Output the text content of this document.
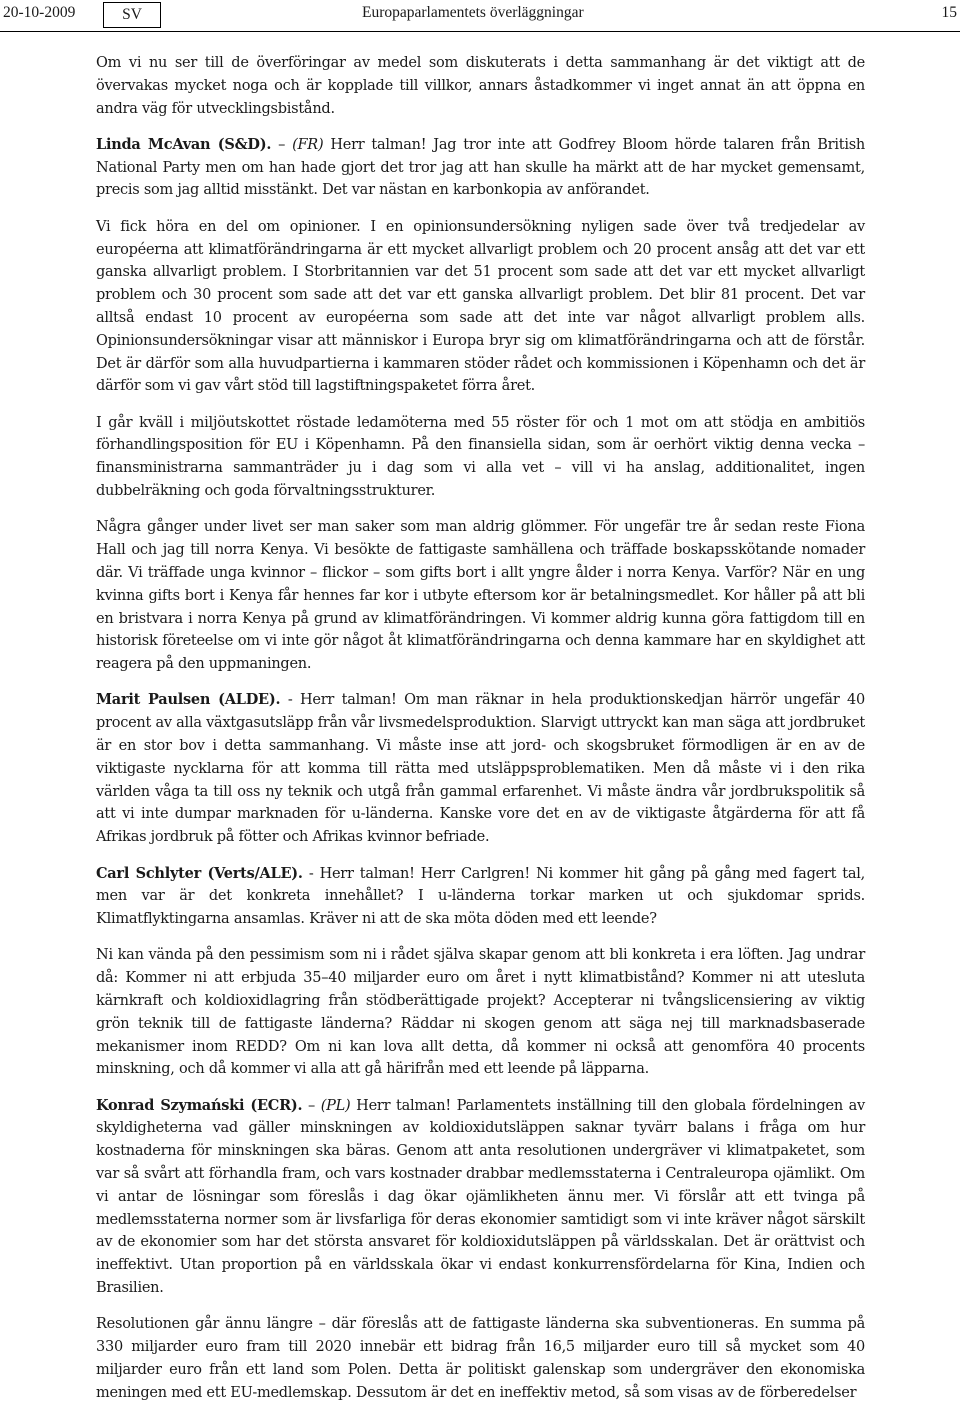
20-10-2009	SV	Europaparlamentets överläggningar	15

Om vi nu ser till de överföringar av medel som diskuterats i detta sammanhang är det viktigt att de övervakas mycket noga och är kopplade till villkor, annars åstadkommer vi inget annat än att öppna en andra väg för utvecklingsbistånd.

Linda McAvan (S&D). – (FR) Herr talman! Jag tror inte att Godfrey Bloom hörde talaren från British National Party men om han hade gjort det tror jag att han skulle ha märkt att de har mycket gemensamt, precis som jag alltid misstänkt. Det var nästan en karbonkopia av anförandet.

Vi fick höra en del om opinioner. I en opinionsundersökning nyligen sade över två tredjedelar av européerna att klimatförändringarna är ett mycket allvarligt problem och 20 procent ansåg att det var ett ganska allvarligt problem. I Storbritannien var det 51 procent som sade att det var ett mycket allvarligt problem och 30 procent som sade att det var ett ganska allvarligt problem. Det blir 81 procent. Det var alltså endast 10 procent av européerna som sade att det inte var något allvarligt problem alls. Opinionsundersökningar visar att människor i Europa bryr sig om klimatförändringarna och att de förstår. Det är därför som alla huvudpartierna i kammaren stöder rådet och kommissionen i Köpenhamn och det är därför som vi gav vårt stöd till lagstiftningspaketet förra året.

I går kväll i miljöutskottet röstade ledamöterna med 55 röster för och 1 mot om att stödja en ambitiös förhandlingsposition för EU i Köpenhamn. På den finansiella sidan, som är oerhört viktig denna vecka – finansministrarna sammanträder ju i dag som vi alla vet – vill vi ha anslag, additionalitet, ingen dubbelräkning och goda förvaltningsstrukturer.

Några gånger under livet ser man saker som man aldrig glömmer. För ungefär tre år sedan reste Fiona Hall och jag till norra Kenya. Vi besökte de fattigaste samhällena och träffade boskapsskötande nomader där. Vi träffade unga kvinnor – flickor – som gifts bort i allt yngre ålder i norra Kenya. Varför? När en ung kvinna gifts bort i Kenya får hennes far kor i utbyte eftersom kor är betalningsmedlet. Kor håller på att bli en bristvara i norra Kenya på grund av klimatförändringen. Vi kommer aldrig kunna göra fattigdom till en historisk företeelse om vi inte gör något åt klimatförändringarna och denna kammare har en skyldighet att reagera på den uppmaningen.

Marit Paulsen (ALDE). - Herr talman! Om man räknar in hela produktionskedjan härrör ungefär 40 procent av alla växtgasutsläpp från vår livsmedelsproduktion. Slarvigt uttryckt kan man säga att jordbruket är en stor bov i detta sammanhang. Vi måste inse att jord- och skogsbruket förmodligen är en av de viktigaste nycklarna för att komma till rätta med utsläppsproblematiken. Men då måste vi i den rika världen våga ta till oss ny teknik och utgå från gammal erfarenhet. Vi måste ändra vår jordbrukspolitik så att vi inte dumpar marknaden för u-länderna. Kanske vore det en av de viktigaste åtgärderna för att få Afrikas jordbruk på fötter och Afrikas kvinnor befriade.

Carl Schlyter (Verts/ALE). - Herr talman! Herr Carlgren! Ni kommer hit gång på gång med fagert tal, men var är det konkreta innehållet? I u-länderna torkar marken ut och sjukdomar sprids. Klimatflyktingarna ansamlas. Kräver ni att de ska möta döden med ett leende?

Ni kan vända på den pessimism som ni i rådet själva skapar genom att bli konkreta i era löften. Jag undrar då: Kommer ni att erbjuda 35–40 miljarder euro om året i nytt klimatbistånd? Kommer ni att utesluta kärnkraft och koldioxidlagring från stödberättigade projekt? Accepterar ni tvångslicensiering av viktig grön teknik till de fattigaste länderna? Räddar ni skogen genom att säga nej till marknadsbaserade mekanismer inom REDD? Om ni kan lova allt detta, då kommer ni också att genomföra 40 procents minskning, och då kommer vi alla att gå härifrån med ett leende på läpparna.

Konrad Szymański (ECR). – (PL) Herr talman! Parlamentets inställning till den globala fördelningen av skyldigheterna vad gäller minskningen av koldioxidutsläppen saknar tyvärr balans i fråga om hur kostnaderna för minskningen ska bäras. Genom att anta resolutionen undergräver vi klimatpaketet, som var så svårt att förhandla fram, och vars kostnader drabbar medlemsstaterna i Centraleuropa ojämlikt. Om vi antar de lösningar som föreslås i dag ökar ojämlikheten ännu mer. Vi förslår att ett tvinga på medlemsstaterna normer som är livsfarliga för deras ekonomier samtidigt som vi inte kräver något särskilt av de ekonomier som har det största ansvaret för koldioxidutsläppen på världsskalan. Det är orättvist och ineffektivt. Utan proportion på en världsskala ökar vi endast konkurrensfördelarna för Kina, Indien och Brasilien.

Resolutionen går ännu längre – där föreslås att de fattigaste länderna ska subventioneras. En summa på 330 miljarder euro fram till 2020 innebär ett bidrag från 16,5 miljarder euro till så mycket som 40 miljarder euro från ett land som Polen. Detta är politiskt galenskap som undergräver den ekonomiska meningen med ett EU-medlemskap. Dessutom är det en ineffektiv metod, så som visas av de förberedelser
